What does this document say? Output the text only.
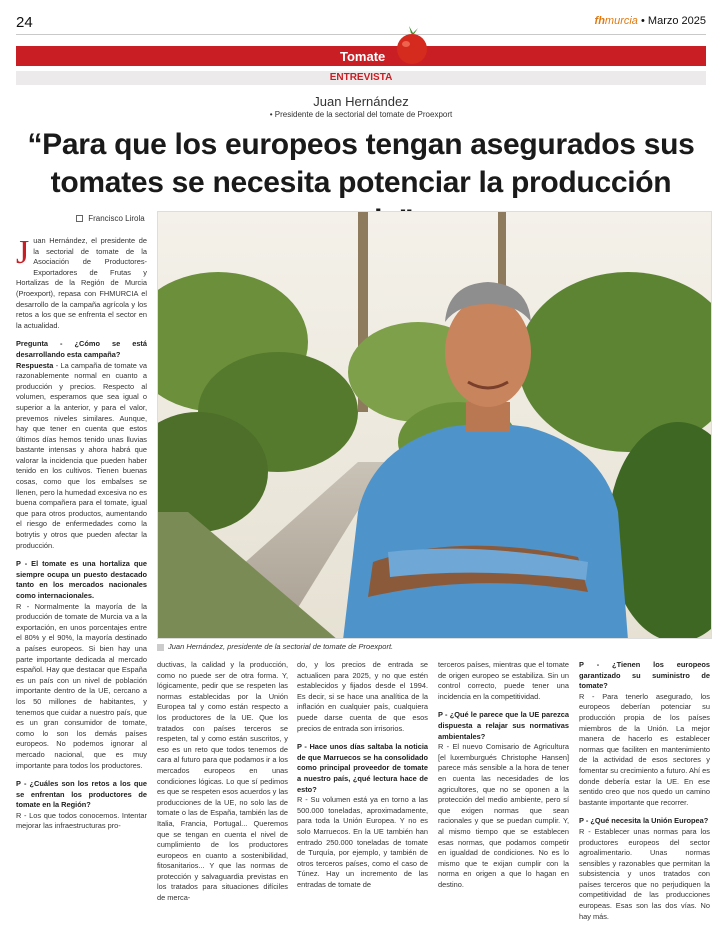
24	fhmurcia • Marzo 2025
Tomate
ENTREVISTA
Juan Hernández
• Presidente de la sectorial del tomate de Proexport
“Para que los europeos tengan asegurados sus
tomates se necesita potenciar la producción
Francisco Lirola

Juan Hernández, el presidente de la sectorial de tomate de la Asociación de Productores-Exportadores de Frutas y Hortalizas de la Región de Murcia (Proexport), repasa con FHMURCIA el desarrollo de la campaña agrícola y los retos a los que se enfrenta el sector en la actualidad.

Pregunta - ¿Cómo se está desarrollando esta campaña?
Respuesta - La campaña de tomate va razonablemente normal en cuanto a producción y precios. Respecto al volumen, esperamos que sea igual o superior a la anterior, y para el valor, prevemos niveles similares. Aunque, hay que tener en cuenta que estos últimos días hemos tenido unas lluvias bastante intensas y ahora habrá que valorar la incidencia que pueden haber tenido en los cultivos. Tienen buenas cosas, como que los embalses se llenen, pero la humedad excesiva no es buena compañera para el tomate, igual que para otros productos, aumentando el riesgo de enfermedades como la botrytis y otros que pueden afectar la producción.

P - El tomate es una hortaliza que siempre ocupa un puesto destacado tanto en los mercados nacionales como internacionales.
R - Normalmente la mayoría de la producción de tomate de Murcia va a la exportación, en unos porcentajes entre el 80% y el 90%, la mayoría destinado a países europeos. Si bien hay una parte importante dedicada al mercado español. Hay que destacar que España es un país con un nivel de población importante dentro de la UE, cercano a los 50 millones de habitantes, y tenemos que cuidar a nuestro país, que es un gran consumidor de tomate, como lo son los demás países europeos. No podemos ignorar al mercado nacional, que es muy importante para todos los productores.

P - ¿Cuáles son los retos a los que se enfrentan los productores de tomate en la Región?
R - Los que todos conocemos. Intentar mejorar las infraestructuras pro-

Juan Hernández, presidente de la sectorial de tomate de Proexport.

ductivas, la calidad y la producción, como no puede ser de otra forma. Y, lógicamente, pedir que se respeten las normas establecidas por la Unión Europea tal y como están respecto a los productores de la UE. Que los tratados con países terceros se respeten, tal y como están suscritos, y eso es un reto que todos tenemos de cara al futuro para que podamos ir a los mercados europeos en unas condiciones lógicas. Lo que sí pedimos es que se respeten esos acuerdos y las producciones de la UE, no solo las de tomate o las de España, también las de Italia, Francia, Portugal... Queremos que se tengan en cuenta el nivel de cumplimiento de los productores europeos en cuanto a sostenibilidad, fitosanitarios... Y que las normas de protección y salvaguardia previstas en los tratados para situaciones difíciles de merca-

do, y los precios de entrada se actualicen para 2025, y no que estén establecidos y fijados desde el 1994. Es decir, si se hace una analítica de la inflación en cualquier país, cualquiera puede darse cuenta de que esos precios de entrada son irrisorios.

P - Hace unos días saltaba la noticia de que Marruecos se ha consolidado como principal proveedor de tomate a nuestro país, ¿qué lectura hace de esto?
R - Su volumen está ya en torno a las 500.000 toneladas, aproximadamente, para toda la Unión Europea. Y no es solo Marruecos. En la UE también han entrado 250.000 toneladas de tomate de Turquía, por ejemplo, y también de otros terceros países, como el caso de Túnez. Hay un incremento de las entradas de tomate de

terceros países, mientras que el tomate de origen europeo se estabiliza. Sin un control correcto, puede tener una incidencia en la competitividad.

P - ¿Qué le parece que la UE parezca dispuesta a relajar sus normativas ambientales?
R - El nuevo Comisario de Agricultura [el luxemburgués Christophe Hansen] parece más sensible a la hora de tener en cuenta las necesidades de los agricultores, que no se oponen a la protección del medio ambiente, pero sí que exigen normas que sean racionales y que se puedan cumplir. Y, al mismo tiempo que se establecen esas normas, que podamos competir en igualdad de condiciones. No es lo mismo que te exijan cumplir con la norma en origen a que lo hagan en destino.

P - ¿Tienen los europeos garantizado su suministro de tomate?
R - Para tenerlo asegurado, los europeos deberían potenciar su producción propia de los países miembros de la Unión. La mejor manera de hacerlo es establecer normas que faciliten en mantenimiento de la actividad de esos sectores y fomentar su crecimiento a futuro. Ahí es donde debería estar la UE. En ese sentido creo que nos quedo un camino bastante importante que recorrer.

P - ¿Qué necesita la Unión Europea?
R - Establecer unas normas para los productores europeos del sector agroalimentario. Unas normas sensibles y razonables que permitan la subsistencia y unos tratados con países terceros que no perjudiquen la competitividad de las producciones europeas. Esas son las dos vías. No hay más.
